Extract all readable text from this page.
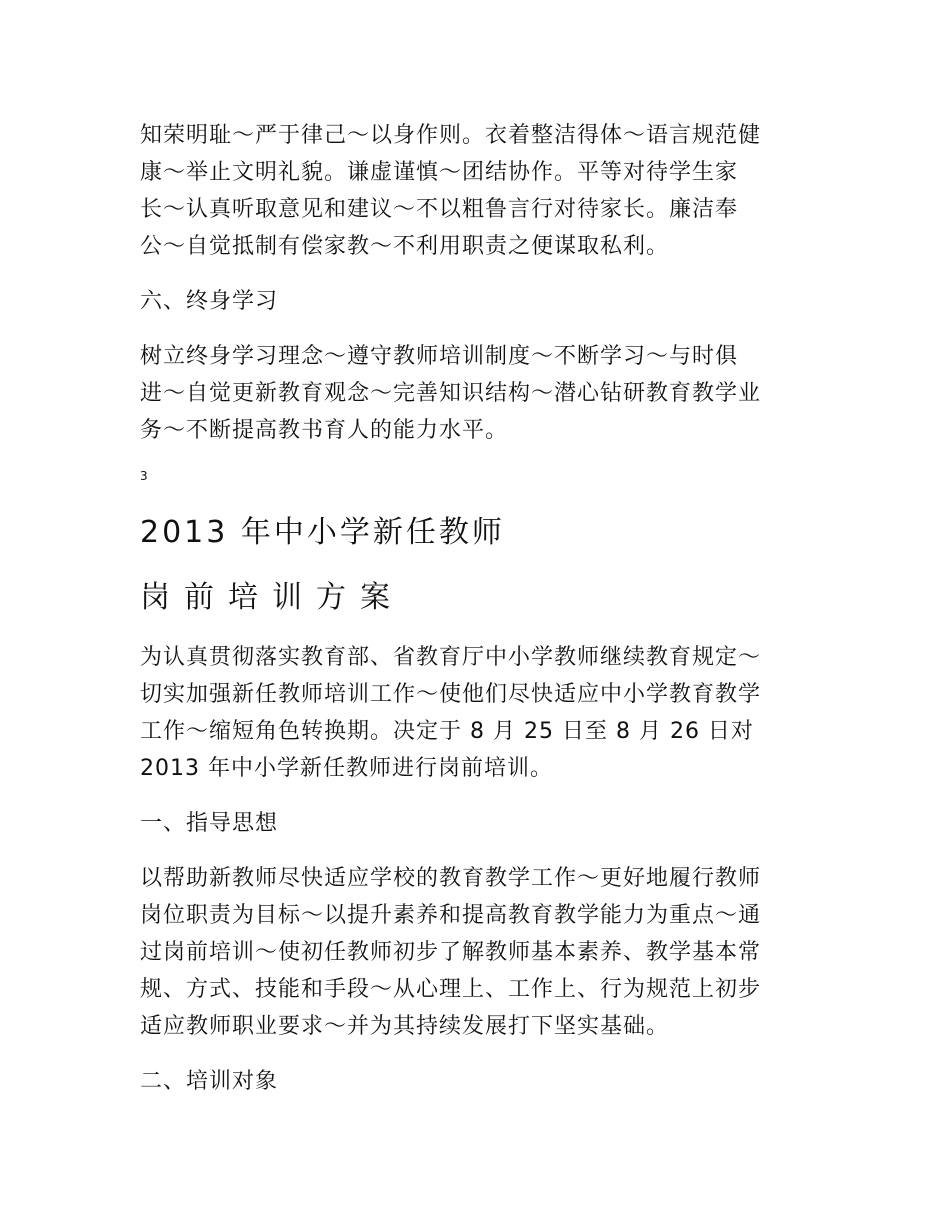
知荣明耻～严于律己～以身作则。衣着整洁得体～语言规范健
康～举止文明礼貌。谦虚谨慎～团结协作。平等对待学生家
长～认真听取意见和建议～不以粗鲁言行对待家长。廉洁奉
公～自觉抵制有偿家教～不利用职责之便谋取私利。
六、终身学习
树立终身学习理念～遵守教师培训制度～不断学习～与时俱
进～自觉更新教育观念～完善知识结构～潜心钻研教育教学业
务～不断提高教书育人的能力水平。
3
2013 年中小学新任教师
岗前培训方案
为认真贯彻落实教育部、省教育厅中小学教师继续教育规定～
切实加强新任教师培训工作～使他们尽快适应中小学教育教学
工作～缩短角色转换期。决定于 8 月 25 日至 8 月 26 日对
2013 年中小学新任教师进行岗前培训。
一、指导思想
以帮助新教师尽快适应学校的教育教学工作～更好地履行教师
岗位职责为目标～以提升素养和提高教育教学能力为重点～通
过岗前培训～使初任教师初步了解教师基本素养、教学基本常
规、方式、技能和手段～从心理上、工作上、行为规范上初步
适应教师职业要求～并为其持续发展打下坚实基础。
二、培训对象
